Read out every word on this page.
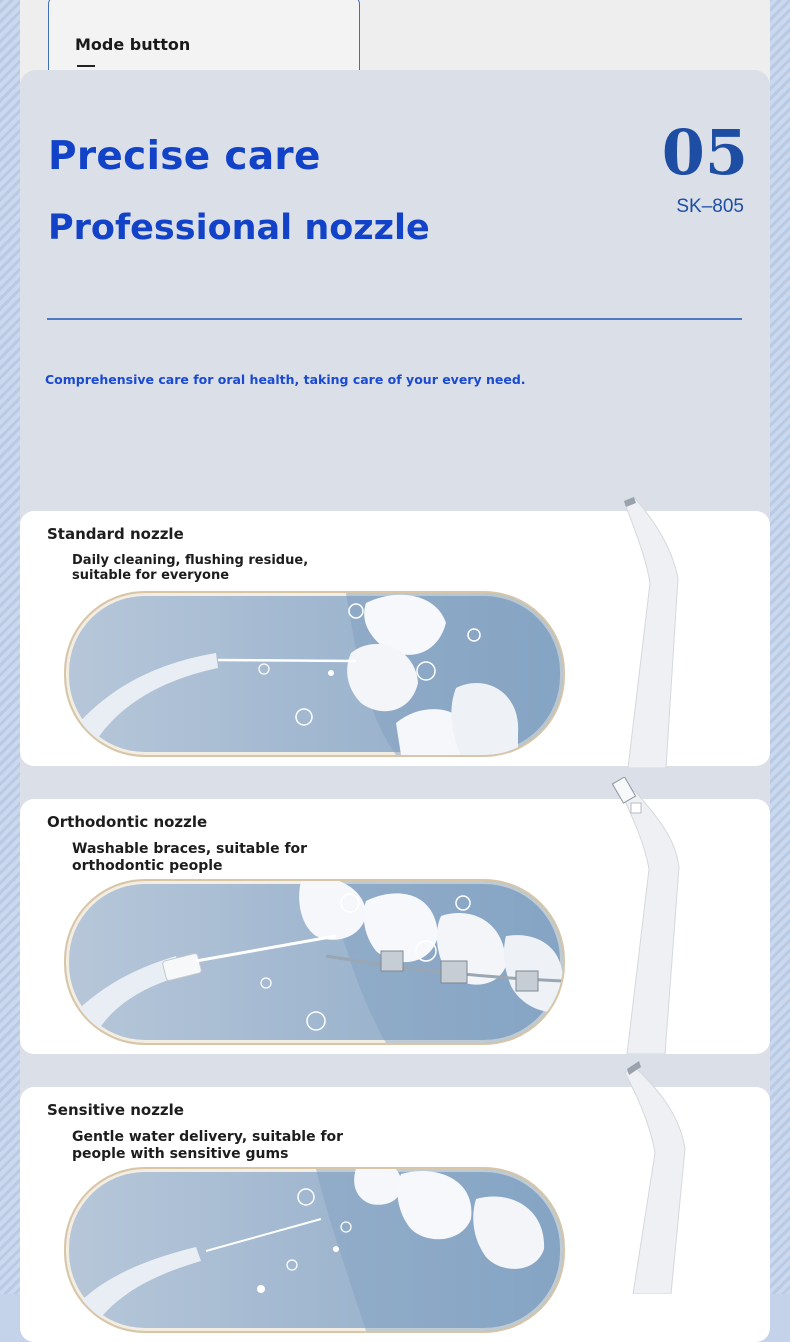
Mode button
Precise care
Professional nozzle
05
SK–805
Comprehensive care for oral health, taking care of your every need.
Standard nozzle
Daily cleaning, flushing residue, suitable for everyone
Orthodontic nozzle
Washable braces, suitable for orthodontic people
Sensitive nozzle
Gentle water delivery, suitable for people with sensitive gums
